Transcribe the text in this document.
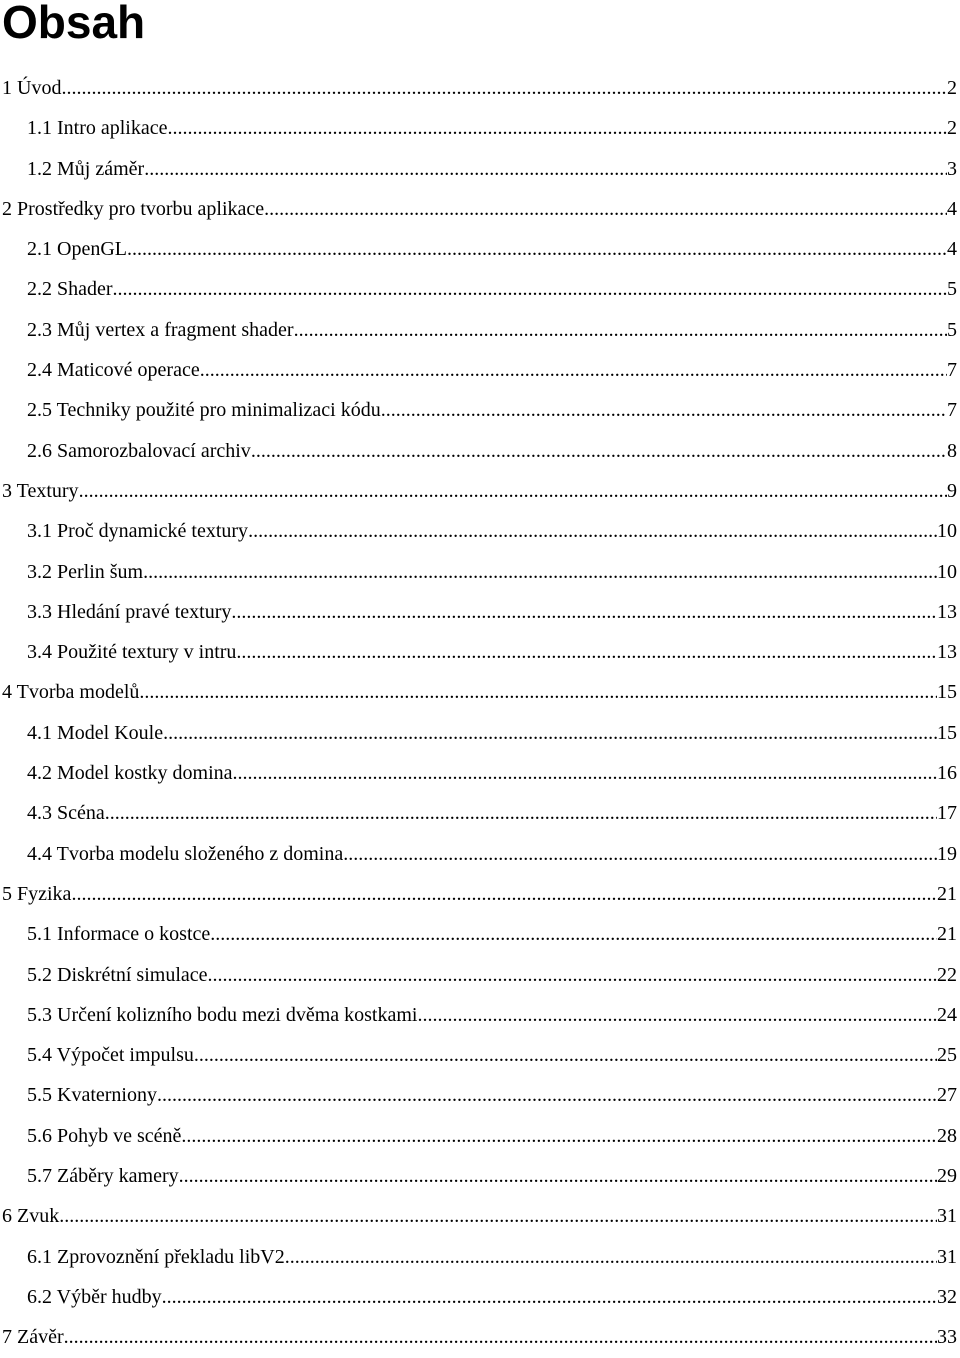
Obsah
1 Úvod .....	2
1.1 Intro aplikace .....	2
1.2 Můj záměr .....	3
2 Prostředky pro tvorbu aplikace .....	4
2.1 OpenGL .....	4
2.2 Shader .....	5
2.3 Můj vertex a fragment shader .....	5
2.4 Maticové operace .....	7
2.5 Techniky použité pro minimalizaci kódu .....	7
2.6 Samorozbalovací archiv .....	8
3 Textury .....	9
3.1 Proč dynamické textury .....	10
3.2 Perlin šum .....	10
3.3 Hledání pravé textury .....	13
3.4 Použité textury v intru .....	13
4 Tvorba modelů .....	15
4.1 Model Koule .....	15
4.2 Model kostky domina .....	16
4.3 Scéna .....	17
4.4 Tvorba modelu složeného z domina .....	19
5 Fyzika .....	21
5.1 Informace o kostce .....	21
5.2 Diskrétní simulace .....	22
5.3 Určení kolizního bodu mezi dvěma kostkami .....	24
5.4 Výpočet impulsu .....	25
5.5 Kvaterniony .....	27
5.6 Pohyb ve scéně .....	28
5.7 Záběry kamery .....	29
6 Zvuk .....	31
6.1 Zprovoznění překladu libV2 .....	31
6.2 Výběr hudby .....	32
7 Závěr .....	33
